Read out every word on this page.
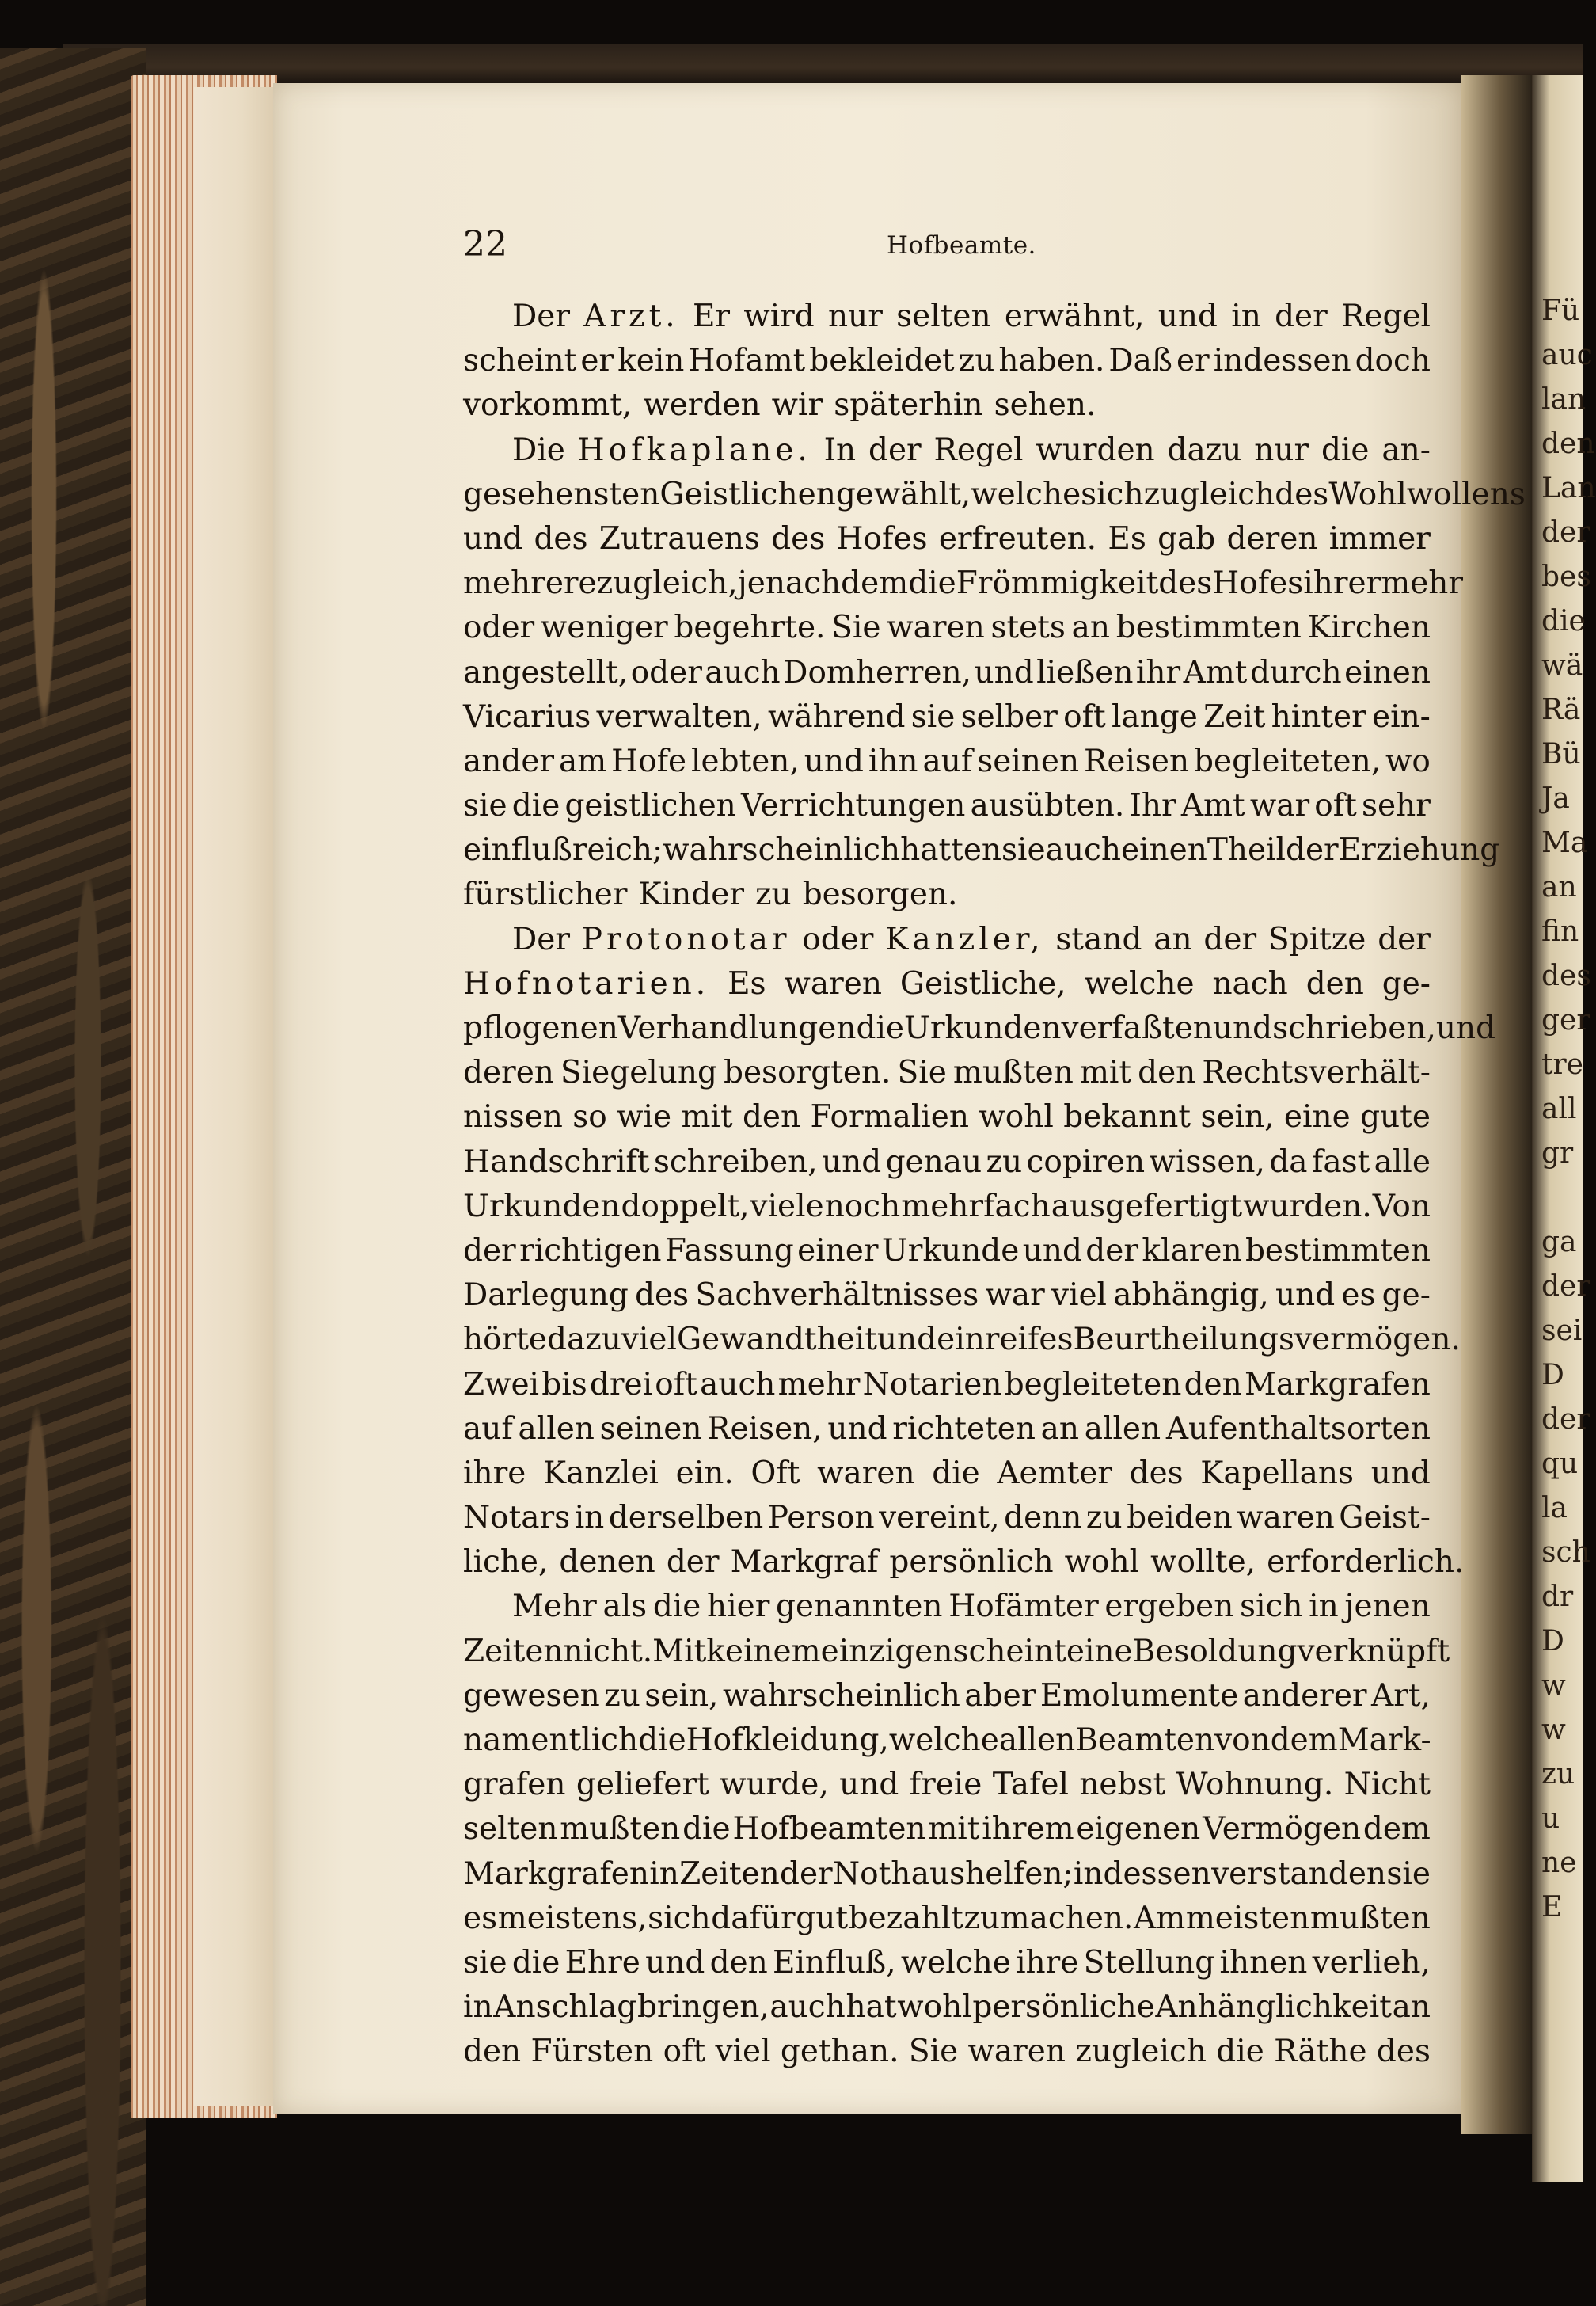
Fü
auc
lan
den
Lan
der
bes
die
wä
Rä
Bü
Ja
Ma
an
fin
des
ger
tre
all
gr
ga
der
sei
D
der
qu
la
sch
dr
D
w
w
zu
u
ne
E
22	Hofbeamte.
Der Arzt. Er wird nur selten erwähnt, und in der Regel
scheint er kein Hofamt bekleidet zu haben. Daß er indessen doch
vorkommt, werden wir späterhin sehen.
Die Hofkaplane. In der Regel wurden dazu nur die an-
gesehensten Geistlichen gewählt, welche sich zugleich des Wohlwollens
und des Zutrauens des Hofes erfreuten. Es gab deren immer
mehrere zugleich, je nachdem die Frömmigkeit des Hofes ihrer mehr
oder weniger begehrte. Sie waren stets an bestimmten Kirchen
angestellt, oder auch Domherren, und ließen ihr Amt durch einen
Vicarius verwalten, während sie selber oft lange Zeit hinter ein-
ander am Hofe lebten, und ihn auf seinen Reisen begleiteten, wo
sie die geistlichen Verrichtungen ausübten. Ihr Amt war oft sehr
einflußreich; wahrscheinlich hatten sie auch einen Theil der Erziehung
fürstlicher Kinder zu besorgen.
Der Protonotar oder Kanzler, stand an der Spitze der
Hofnotarien. Es waren Geistliche, welche nach den ge-
pflogenen Verhandlungen die Urkunden verfaßten und schrieben, und
deren Siegelung besorgten. Sie mußten mit den Rechtsverhält-
nissen so wie mit den Formalien wohl bekannt sein, eine gute
Handschrift schreiben, und genau zu copiren wissen, da fast alle
Urkunden doppelt, viele noch mehrfach ausgefertigt wurden. Von
der richtigen Fassung einer Urkunde und der klaren bestimmten
Darlegung des Sachverhältnisses war viel abhängig, und es ge-
hörte dazu viel Gewandtheit und ein reifes Beurtheilungsvermögen.
Zwei bis drei oft auch mehr Notarien begleiteten den Markgrafen
auf allen seinen Reisen, und richteten an allen Aufenthaltsorten
ihre Kanzlei ein. Oft waren die Aemter des Kapellans und
Notars in derselben Person vereint, denn zu beiden waren Geist-
liche, denen der Markgraf persönlich wohl wollte, erforderlich.
Mehr als die hier genannten Hofämter ergeben sich in jenen
Zeiten nicht. Mit keinem einzigen scheint eine Besoldung verknüpft
gewesen zu sein, wahrscheinlich aber Emolumente anderer Art,
namentlich die Hofkleidung, welche allen Beamten von dem Mark-
grafen geliefert wurde, und freie Tafel nebst Wohnung. Nicht
selten mußten die Hofbeamten mit ihrem eigenen Vermögen dem
Markgrafen in Zeiten der Noth aushelfen; indessen verstanden sie
es meistens, sich dafür gut bezahlt zu machen. Am meisten mußten
sie die Ehre und den Einfluß, welche ihre Stellung ihnen verlieh,
in Anschlag bringen, auch hat wohl persönliche Anhänglichkeit an
den Fürsten oft viel gethan. Sie waren zugleich die Räthe des
